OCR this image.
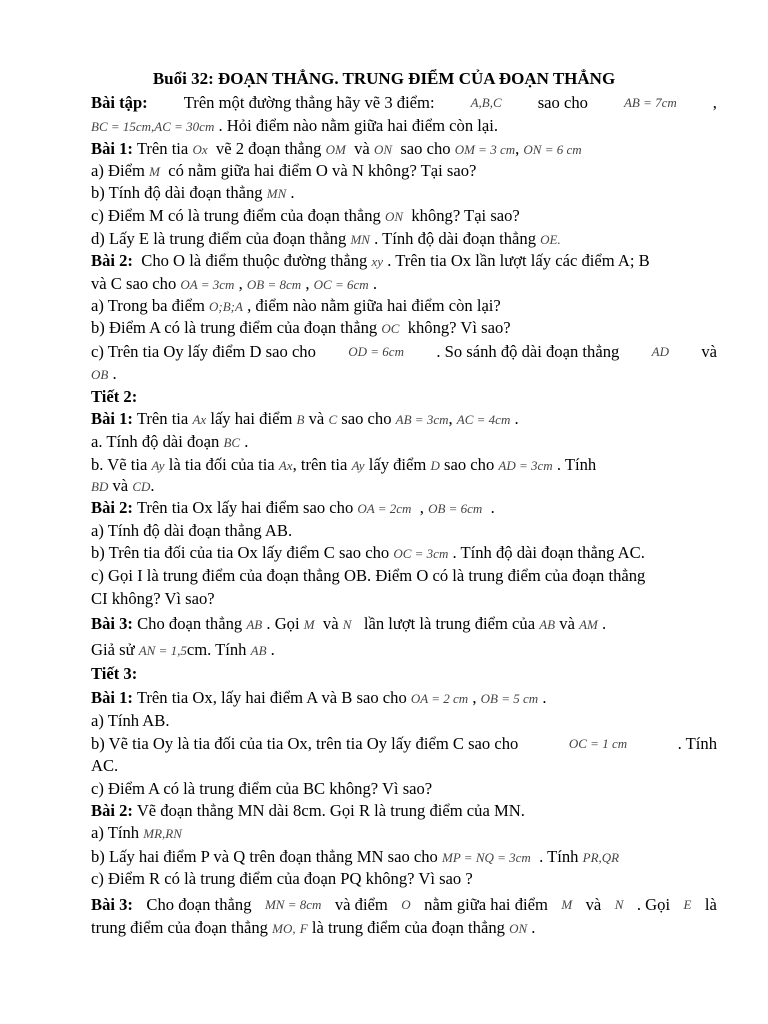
Buổi 32: ĐOẠN THẲNG. TRUNG ĐIỂM CỦA ĐOẠN THẲNG
Bài tập: Trên một đường thẳng hãy vẽ 3 điểm:	A,B,C sao cho	AB = 7cm ,
BC = 15cm,AC = 30cm . Hỏi điểm nào nằm giữa hai điểm còn lại.
Bài 1: Trên tia Ox vẽ 2 đoạn thẳng OM và ON sao cho OM = 3 cm, ON = 6 cm
a) Điểm M có nằm giữa hai điểm O và N không? Tại sao?
b) Tính độ dài đoạn thẳng MN .
c) Điểm M có là trung điểm của đoạn thẳng ON không? Tại sao?
d) Lấy E là trung điểm của đoạn thẳng MN . Tính độ dài đoạn thẳng OE.
Bài 2: Cho O là điểm thuộc đường thẳng xy . Trên tia Ox lần lượt lấy các điểm A; B
và C sao cho OA = 3cm , OB = 8cm , OC = 6cm .
a) Trong ba điểm O;B;A , điểm nào nằm giữa hai điểm còn lại?
b) Điểm A có là trung điểm của đoạn thẳng OC không? Vì sao?
c) Trên tia Oy lấy điểm D sao cho OD = 6cm . So sánh độ dài đoạn thẳng AD và
OB .
Tiết 2:
Bài 1: Trên tia Ax lấy hai điểm B và C sao cho AB = 3cm, AC = 4cm .
a. Tính độ dài đoạn BC .
b. Vẽ tia Ay là tia đối của tia Ax, trên tia Ay lấy điểm D sao cho AD = 3cm . Tính
BD và CD.
Bài 2: Trên tia Ox lấy hai điểm sao cho OA = 2cm , OB = 6cm .
a) Tính độ dài đoạn thẳng AB.
b) Trên tia đối của tia Ox lấy điểm C sao cho OC = 3cm . Tính độ dài đoạn thẳng AC.
c) Gọi I là trung điểm của đoạn thẳng OB. Điểm O có là trung điểm của đoạn thẳng
CI không? Vì sao?
Bài 3: Cho đoạn thẳng AB . Gọi M và N lần lượt là trung điểm của AB và AM .
Giả sử AN = 1,5cm. Tính AB .
Tiết 3:
Bài 1: Trên tia Ox, lấy hai điểm A và B sao cho OA = 2 cm , OB = 5 cm .
a) Tính AB.
b) Vẽ tia Oy là tia đối của tia Ox, trên tia Oy lấy điểm C sao cho	OC = 1 cm	. Tính
AC.
c) Điểm A có là trung điểm của BC không? Vì sao?
Bài 2: Vẽ đoạn thẳng MN dài 8cm. Gọi R là trung điểm của MN.
a) Tính MR,RN
b) Lấy hai điểm P và Q trên đoạn thẳng MN sao cho MP = NQ = 3cm . Tính PR,QR
c) Điểm R có là trung điểm của đoạn PQ không? Vì sao ?
Bài 3: Cho đoạn thẳng MN = 8cm và điểm O nằm giữa hai điểm M và N . Gọi E là
trung điểm của đoạn thẳng MO, F là trung điểm của đoạn thẳng ON .
